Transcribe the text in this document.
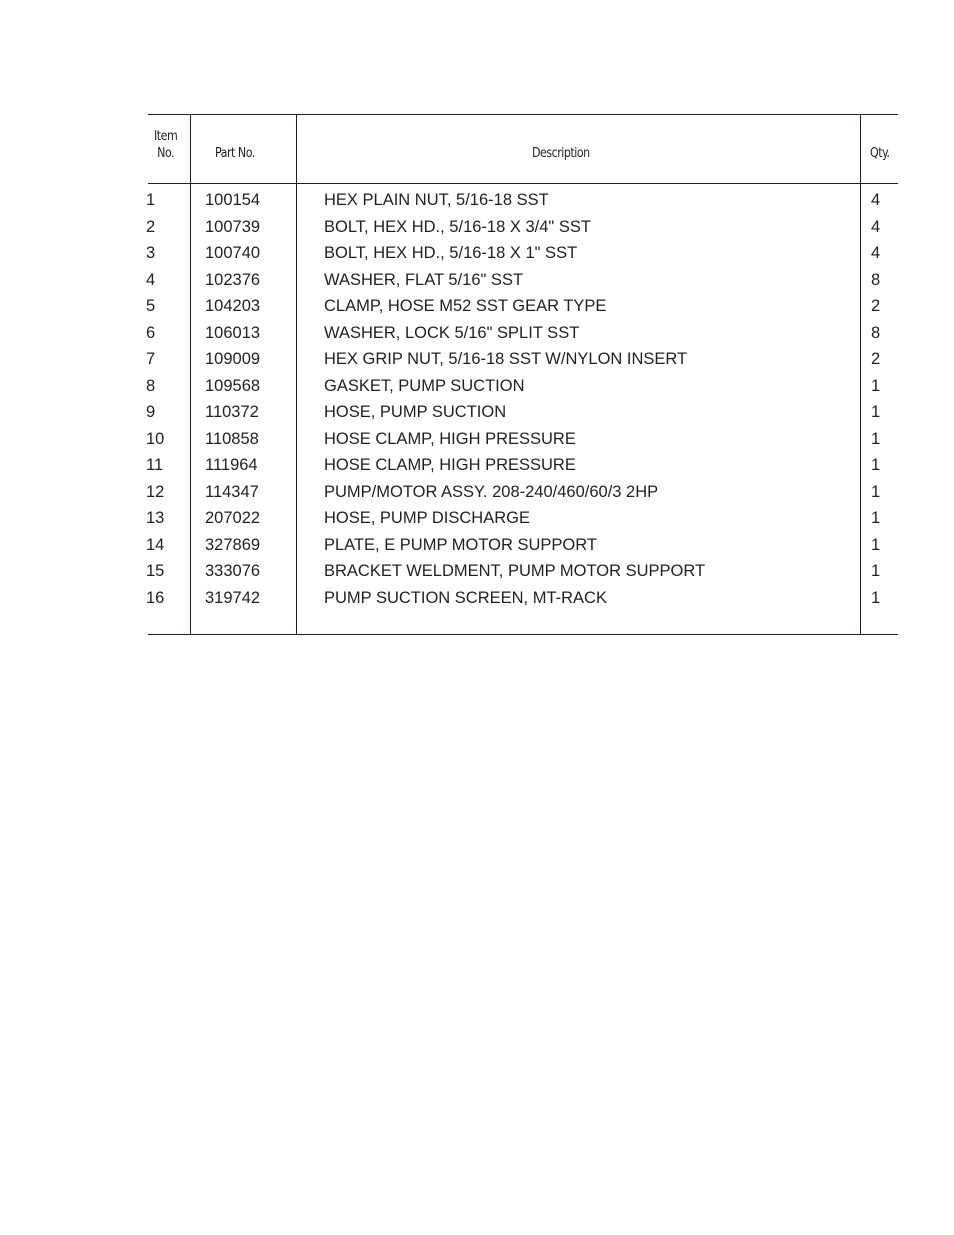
Item
No.	Part No.	Description	Qty.
1	100154	HEX PLAIN NUT, 5/16-18 SST	4
2	100739	BOLT, HEX HD., 5/16-18 X 3/4" SST	4
3	100740	BOLT, HEX HD., 5/16-18 X 1" SST	4
4	102376	WASHER, FLAT 5/16" SST	8
5	104203	CLAMP, HOSE M52 SST GEAR TYPE	2
6	106013	WASHER, LOCK 5/16" SPLIT SST	8
7	109009	HEX GRIP NUT, 5/16-18 SST W/NYLON INSERT	2
8	109568	GASKET, PUMP SUCTION	1
9	110372	HOSE, PUMP SUCTION	1
10 110858	HOSE CLAMP, HIGH PRESSURE	1
11	111964	HOSE CLAMP, HIGH PRESSURE	1
12 114347	PUMP/MOTOR ASSY. 208-240/460/60/3 2HP	1
13 207022	HOSE, PUMP DISCHARGE	1
14 327869	PLATE, E PUMP MOTOR SUPPORT	1
15 333076	BRACKET WELDMENT, PUMP MOTOR SUPPORT	1
16 319742	PUMP SUCTION SCREEN, MT-RACK	1
